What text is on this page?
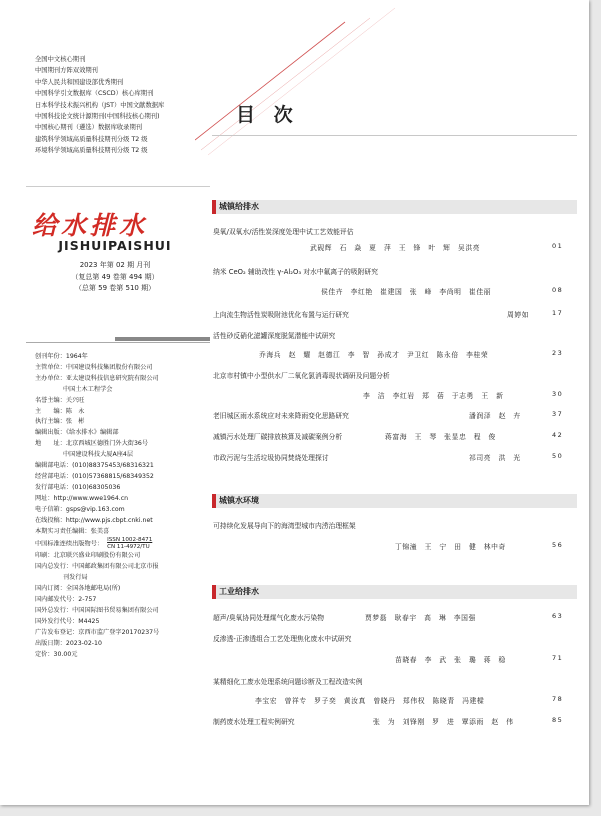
全国中文核心期刊
中国期刊方阵双效期刊
中华人民共和国建设部优秀期刊
中国科学引文数据库（CSCD）核心库期刊
日本科学技术振兴机构（JST）中国文献数据库
中国科技论文统计源期刊(中国科技核心期刊)
中国核心期刊（遴选）数据库收录期刊
建筑科学领域高质量科技期刊分级 T2 级
环境科学领域高质量科技期刊分级 T2 级
给水排水
JISHUIPAISHUI
2023 年第 02 期 月刊
（复总第 49 卷第 494 期）
（总第 59 卷第 510 期）
创刊年份：1964年
主管单位：中国建设科技集团股份有限公司
主办单位：亚太建设科技信息研究院有限公司
中国土木工程学会
名誉主编：关兴旺
主　　编：陈　永
执行主编：张　彬
编辑出版：《给水排水》编辑部
地　　址：北京西城区德胜门外大街36号
中国建设科技大厦A座4层
编辑部电话：(010)88375453/68316321
经营部电话：(010)57368815/68349352
发行部电话：(010)68305036
网址：http://www.wwe1964.cn
电子信箱：gsps@vip.163.com
在线投稿：http://www.pjs.cbpt.cnki.net
本期实习责任编辑：张美喜
中国标准连续出版物号：
ISSN 1002-8471
CN 11-4972/TU
印刷：北京联兴盛业印刷股份有限公司
国内总发行：中国邮政集团有限公司北京市报
刊发行局
国内订阅：全国各地邮电局(所)
国内邮发代号：2-757
国外总发行：中国国际图书贸易集团有限公司
国外发行代号：M4425
广告发布登记：京西市监广登字20170237号
出版日期：2023-02-10
定价：30.00元
目 次
城镇给排水
臭氧/双氧水/活性炭深度处理中试工艺效能评估
武砚辉　石　焱　夏　萍　王　锋　叶　辉　吴洪亮	01
纳米 CeO₂ 辅助改性 γ-Al₂O₃ 对水中氟离子的吸附研究
侯佳卉　李红艳　崔建国　张　峰　李尚明　崔佳丽	08
上向流生物活性炭吸附池优化布置与运行研究	周婷如	17
活性砂反硝化滤罐深度脱氮潜能中试研究
乔海兵　赵　耀　赵德江　李　智　孙成才　尹卫红　陈永倍　李桂荣	23
北京市村镇中小型供水厂二氧化氯消毒现状调研及问题分析
李　洁　李红岩　郑　蓓　于志勇　王　新	30
老旧城区雨水系统应对未来降雨变化思路研究	潘润泽　赵　卉	37
减镇污水处理厂碳排放核算及减碳案例分析	蒋富海　王　琴　张显忠　程　俊	42
市政污泥与生活垃圾协同焚烧处理探讨	祁司亮　洪　光	50
城镇水环境
可持续化发展导向下的海湾型城市内涝治理框架
丁锦潼　王　宁　田　健　林中奇	56
工业给排水
超声/臭氧协同处理煤气化废水污染物	贾梦磊　耿春宇　高　琳　李国强	63
反渗透-正渗透组合工艺处理焦化废水中试研究
苗晓春　李　武　张　璐　蒋　稳	71
某精细化工废水处理系统问题诊断及工程改造实例
李宝宏　曾祥专　罗子奕　黄汝真　曾晓丹　郑伟权　陈晓青　冯建樑	78
制药废水处理工程实例研究	张　为　刘锋刚　罗　进　覃添雨　赵　伟	85
